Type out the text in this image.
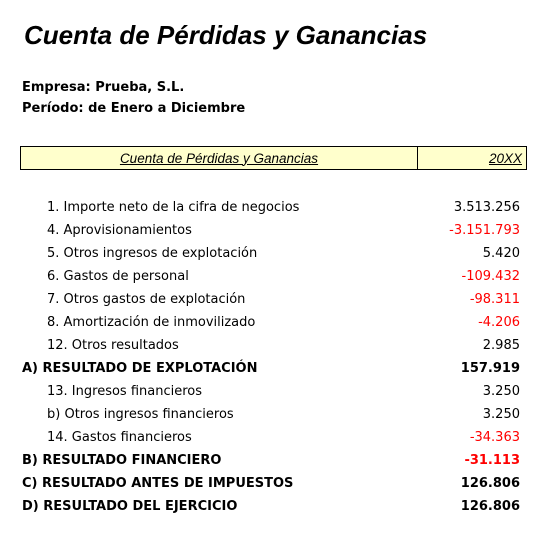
Cuenta de Pérdidas y Ganancias
Empresa: Prueba, S.L.
Período: de Enero a Diciembre
Cuenta de Pérdidas y Ganancias	20XX
1. Importe neto de la cifra de negocios	3.513.256
4. Aprovisionamientos	-3.151.793
5. Otros ingresos de explotación	5.420
6. Gastos de personal	-109.432
7. Otros gastos de explotación	-98.311
8. Amortización de inmovilizado	-4.206
12. Otros resultados	2.985
A) RESULTADO DE EXPLOTACIÓN	157.919
13. Ingresos financieros	3.250
b) Otros ingresos financieros	3.250
14. Gastos financieros	-34.363
B) RESULTADO FINANCIERO	-31.113
C) RESULTADO ANTES DE IMPUESTOS	126.806
D) RESULTADO DEL EJERCICIO	126.806
